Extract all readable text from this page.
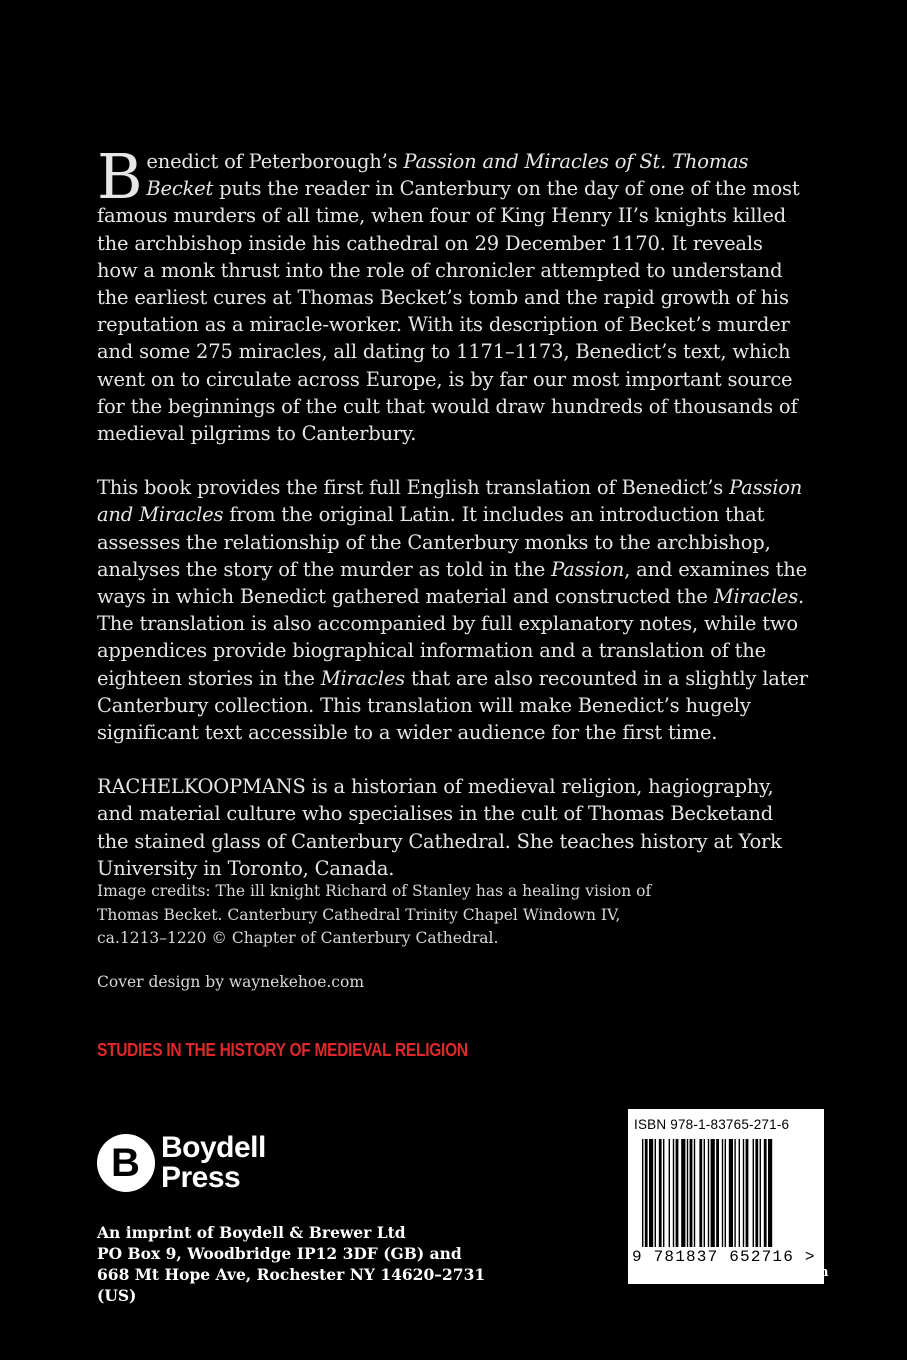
Benedict of Peterborough’s Passion and Miracles of St. Thomas Becket puts the reader in Canterbury on the day of one of the most famous murders of all time, when four of King Henry II’s knights killed the archbishop inside his cathedral on 29 December 1170. It reveals how a monk thrust into the role of chronicler attempted to understand the earliest cures at Thomas Becket’s tomb and the rapid growth of his reputation as a miracle-worker. With its description of Becket’s murder and some 275 miracles, all dating to 1171–1173, Benedict’s text, which went on to circulate across Europe, is by far our most important source for the beginnings of the cult that would draw hundreds of thousands of medieval pilgrims to Canterbury.

This book provides the first full English translation of Benedict’s Passion and Miracles from the original Latin. It includes an introduction that assesses the relationship of the Canterbury monks to the archbishop, analyses the story of the murder as told in the Passion, and examines the ways in which Benedict gathered material and constructed the Miracles. The translation is also accompanied by full explanatory notes, while two appendices provide biographical information and a translation of the eighteen stories in the Miracles that are also recounted in a slightly later Canterbury collection. This translation will make Benedict’s hugely significant text accessible to a wider audience for the first time.

RACHELKOOPMANS is a historian of medieval religion, hagiography, and material culture who specialises in the cult of Thomas Becketand the stained glass of Canterbury Cathedral. She teaches history at York University in Toronto, Canada.

Image credits: The ill knight Richard of Stanley has a healing vision of Thomas Becket. Canterbury Cathedral Trinity Chapel Windown IV, ca.1213–1220 © Chapter of Canterbury Cathedral.

Cover design by waynekehoe.com

STUDIES IN THE HISTORY OF MEDIEVAL RELIGION
B Boydell
Press
An imprint of Boydell & Brewer Ltd
PO Box 9, Woodbridge IP12 3DF (GB) and
668 Mt Hope Ave, Rochester NY 14620–2731 (US)
ISBN 978-1-83765-271-6
9 781837 652716 >
www.boydellandbrewer.com
